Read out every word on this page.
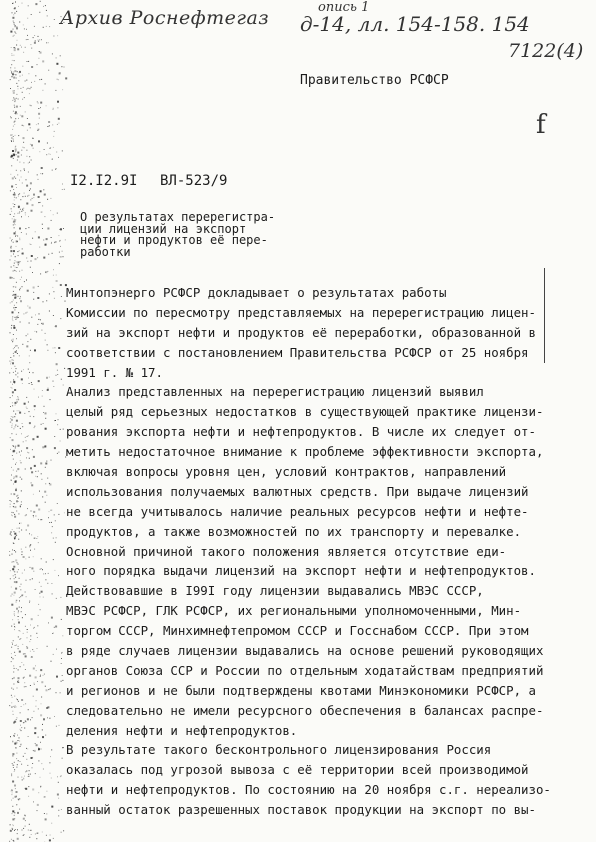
Архив Роснефтегаз	опись 1
д-14, лл. 154-158. 154
7122(4)
f
Правительство РСФСР
I2.I2.9I ВЛ-523/9
О результатах перерегистра-
ции лицензий на экспорт
нефти и продуктов её пере-
работки
Минтопэнерго РСФСР докладывает о результатах работы
Комиссии по пересмотру представляемых на перерегистрацию лицен-
зий на экспорт нефти и продуктов её переработки, образованной в
соответствии с постановлением Правительства РСФСР от 25 ноября
1991 г. № 17.
Анализ представленных на перерегистрацию лицензий выявил
целый ряд серьезных недостатков в существующей практике лицензи-
рования экспорта нефти и нефтепродуктов. В числе их следует от-
метить недостаточное внимание к проблеме эффективности экспорта,
включая вопросы уровня цен, условий контрактов, направлений
использования получаемых валютных средств. При выдаче лицензий
не всегда учитывалось наличие реальных ресурсов нефти и нефте-
продуктов, а также возможностей по их транспорту и перевалке.
Основной причиной такого положения является отсутствие еди-
ного порядка выдачи лицензий на экспорт нефти и нефтепродуктов.
Действовавшие в I99I году лицензии выдавались МВЭС СССР,
МВЭС РСФСР, ГЛК РСФСР, их региональными уполномоченными, Мин-
торгом СССР, Минхимнефтепромом СССР и Госснабом СССР. При этом
в ряде случаев лицензии выдавались на основе решений руководящих
органов Союза ССР и России по отдельным ходатайствам предприятий
и регионов и не были подтверждены квотами Минэкономики РСФСР, а
следовательно не имели ресурсного обеспечения в балансах распре-
деления нефти и нефтепродуктов.
В результате такого бесконтрольного лицензирования Россия
оказалась под угрозой вывоза с её территории всей производимой
нефти и нефтепродуктов. По состоянию на 20 ноября с.г. нереализо-
ванный остаток разрешенных поставок продукции на экспорт по вы-
